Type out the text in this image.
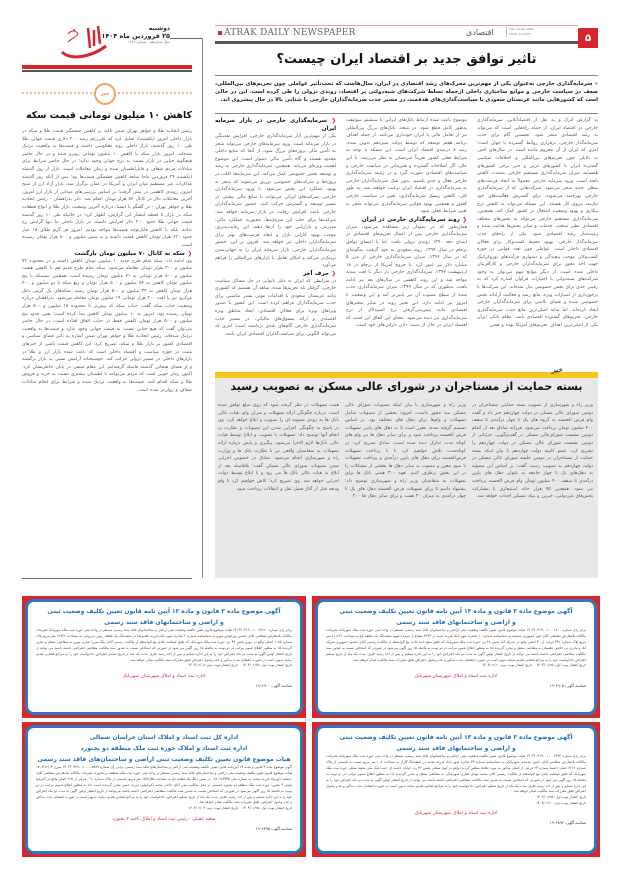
دوشنبه
۲۵ فروردین ماه ۱۴۰۴
سال شانزدهم - شماره ۱۶۸۲
ATRAK DAILY NEWSPAPER	اقتصادی	VOL.16,NO.1682
APRIL 14,2025	۵
تاثیر توافق جدید بر اقتصاد ایران چیست؟
« سرمایه‌گذاری خارجی به‌عنوان یکی از مهم‌ترین محرک‌های رشد اقتصادی در ایران، سال‌هاست که تحت‌تأثیر عواملی چون تحریم‌های بین‌المللی، ضعف در سیاست خارجی و موانع ساختاری داخلی ازجمله تسلط شرکت‌های شبه‌دولتی بر اقتصاد، روندی نزولی را طی کرده است. این در حالی است که کشورهایی مانند عربستان سعودی با سیاست‌گذاری‌های هدفمند، در مسیر جذب سرمایه‌گذاران خارجی با شتابی بالا در حال پیشروی اند.

به گزارش اترک و به نقل از اقتصادآنلاین، سرمایه‌گذاری خارجی در اقتصاد ایران، از جمله راه‌هایی است که می‌تواند به رشد اقتصادی منجر شود. نخستین گام برای جذب سرمایه‌گذار خارجی، برقراری روابط گسترده با جهان است؛ امری که ایران از آن محروم مانده است. در سال‌های اخیر، به دلایلی چون تحریم‌های بین‌المللی و اختلافات سیاسی گسترده ایران با کشورهای غربی و حتی برخی کشورهای همسایه، میزان سرمایه‌گذاری مستقیم خارجی به‌شدت کاهش یافته است. ورود سرمایه خارجی معمولاً به ایجاد فرصت‌های شغلی جدید منجر می‌شود. شرکت‌هایی که از سرمایه‌گذاری خارجی بهره‌مند می‌شوند، برای گسترش فعالیت‌های خود نیازمند نیروی کار هستند. این مسئله می‌تواند به کاهش نرخ بیکاری و بهبود وضعیت اشتغال در کشور کمک کند. همچنین، سرمایه‌گذاری مستقیم خارجی می‌تواند به بخش‌های مختلف اقتصادی نظیر صنعت، خدمات و سایر بخش‌ها هدایت شده و زمینه‌ساز رشد اقتصادی شود. یکی از راه‌های جذب سرمایه‌گذار خارجی، بهبود محیط کسب‌وکار برای فعالان اقتصادی داخلی است. عواملی چون تعدد قوانین در حوزه کسب‌وکار، موجب پیچیدگی و دشواری فرآیندهای بوروکراتیک جهت اخذ مجوز برای سرمایه‌گذاران خارجی و کارآفرینان داخلی شده است. از دیگر موانع مهم می‌توان به وجود شرکت‌های شبه‌دولتی با اختیارات فراوان اشاره کرد که به رقیبی جدی برای بخش خصوصی بدل شده‌اند. این شرکت‌ها با برخورداری از امتیازات ویژه، مانع رشد و فعالیت آزادانه بخش خصوصی شده و فضای ناامنی برای سرمایه‌گذاران خارجی ایجاد کرده‌اند. اما شاید اصلی‌ترین مانع جذب سرمایه‌گذاری خارجی، تحریم‌های گسترده اقتصادی باشد. نظام بانکی ایران یکی از اصلی‌ترین اهداف تحریم‌های آمریکا بوده و همین

موضوع باعث شده ارتباط بانک‌های ایرانی با سیستم سوئیفت به‌طور کامل قطع شود. در نتیجه، بانک‌های بزرگ بین‌المللی نیز از تعامل مالی با ایران خودداری می‌کنند. از جمله اهداف برنامه هفتم توسعه که توسط دولت سیزدهم تدوین شده، رشد ۸ درصدی اقتصاد ایران است. این مسئله با توجه به شرایط فعلی کشور تقریباً غیرممکن به نظر می‌رسد. با این حال، اگر اصلاحات گسترده و هم‌زمانی در سیاست خارجی و سیاست‌های اقتصادی صورت گیرد و در زمینه سرمایه‌گذاری خارجی فعال و جدی باشیم، بدون شک سرمایه‌گذاران خارجی به سرمایه‌گذاری در اقتصاد ایران ترغیب خواهند شد. به طور کلی، کاهش ریسک سرمایه‌گذاری، تغییر در سیاست خارجی کشور و همچنین بهبود قوانین سرمایه‌گذاری می‌تواند منجر به تغییر شرایط فعلی شود.

❮ روند سرمایه‌گذاری خارجی در ایران

همان‌طور که در نمودار زیر مشاهده می‌شود، میزان سرمایه‌گذاری خارجی پس از اعمال تحریم‌های اقتصادی در ابتدای دهه ۱۳۹۰ روندی نزولی یافت. اما با امضای توافق برجام در سال ۱۳۹۴، روند صعودی به خود گرفت، به‌گونه‌ای که در سال ۱۳۹۶، میزان سرمایه‌گذاری خارجی از مرز ۵ میلیارد دلار نیز عبور کرد. با خروج آمریکا از برجام در ۱۸ اردیبهشت ۱۳۹۷، سرمایه‌گذاری خارجی بار دیگر با افت شدید مواجه شد و این روند کاهشی در سال‌های بعد نیز ادامه یافت، به‌طوری که در سال ۱۳۹۹، میزان سرمایه‌گذاری جذب شده از سطح مصوب آن نیز پایین‌تر آمد و این وضعیت تا امروز نیز ادامه دارد. این تغییر روند در سایر متغیرهای اقتصادی مانند پیش‌بینی‌گرفتن نرخ اسپیدلاک از نرخ سرمایه‌گذاری نیز دیده می‌شود. معنای این اتفاق این است که اقتصاد ایران در حال از دست دادن دارایی‌های خود است.

❮ سرمایه‌گذاری خارجی در بازار سرمایه ایران

یکی از مهم‌ترین آثار سرمایه‌گذاری خارجی، افزایش نقدینگی در بازار سرمایه است. ورود سرمایه‌های خارجی می‌تواند منجر به تأمین مالی پروژه‌های بزرگ شود، از آنجا که منابع داخلی محدود هستند و گاه تأمین مالی دشوار است، این موضوع اهمیت ویژه‌ای می‌یابد. همچنین، سرمایه‌گذاری خارجی به رشد و توسعه بخش خصوصی کمک می‌کند. این سرمایه‌ها اغلب در پروژه‌ها و شرکت‌های خصوصی تزریق می‌شوند که منجر به بهبود عملکرد این بخش می‌شود. با ورود سرمایه‌گذاران خارجی، شرکت‌های ایرانی می‌توانند با منابع مالی بیشتر، در مسیر توسعه و گسترش حرکت کنند. حضور سرمایه‌گذاران خارجی باعث افزایش رقابت در بازار سرمایه خواهد شد. شرکت‌ها برای جلب این سرمایه‌ها، مجبورند عملکرد مالی، مدیریتی و بازاریابی خود را ارتقا دهند. این رقابت‌پذیری، موجب بهبود کارایی بازار و ایجاد فرصت‌های بهتر برای سرمایه‌گذاران داخلی نیز خواهد شد. افزون بر این، حضور سرمایه‌گذاران خارجی، بازار سرمایه ایران را به جهانی‌شدن نزدیک‌تر می‌کند و امکان تعامل با بازارهای بین‌المللی را فراهم می‌آورد.

❮ حرف آخر

در شرایطی که ایران به دلیل ناتوانی در حل مسائل سیاست خارجی، گرفتار تله تحریم‌ها شده، شاهد آن هستیم که کشوری مانند عربستان سعودی با اقدامات موثر، بستر مناسبی برای جذب سرمایه‌گذاران فراهم کرده است. این کشور با صدور ویزاهای ویژه برای فعالان اقتصادی، ایجاد مناطق ویژه اقتصادی و ارائه مشوق‌های مالیاتی، در مسیر جذب سرمایه‌گذاری خارجی گام‌های بلندی برداشته است؛ امری که می‌تواند الگویی برای سیاست‌گذاران اقتصادی ایران باشد.

خبر
کاهش ۱۰ میلیون تومانی قیمت سکه

رئیس اتحادیه طلا و جواهر تهران ضمن تاکید بر کاهش چشمگیر قیمت طلا و سکه در بازار داخلی امروز (یکشنبه)، تحلیل کرد که علی‌رغم رشد ۲۰۰ دلاری قیمت جهانی طلا طی ۱۰ روز گذشته، بازار داخلی روند معکوسی داشته و قیمت‌ها به واقعیت نزدیک شده‌اند. امروز بازار سکه با کاهش ۱۰ میلیون تومانی روبرو شده و در حال حاضر هیچگونه حبابی در بازار نسبت به نرخ جهانی وجود ندارد؛ در حال حاضر شرایط برای مبادلات مردم شفاف و قابل‌اطمینان شده و زمان معاملات است. بازار از روز گذشته (یکشنبه ۲۴ فروردین ماه) شاهد کاهش چشمگیر قیمت‌ها بود؛ پس از آنکه روز گذشته مذاکرات غیر مستقیم میان ایران و آمریکا در عمان برگزار شد، بازار آزاد ارز از صبح امروز، روندی کاهشی در پیش گرفت؛ بر اساس بررسی‌های میدانی از بازار ارز امروز، آخرین معاملات دلار در کانال ۸۴ هزار تومان انجام شد. نادر بذرافشان - رئیس اتحادیه طلا و جواهر تهران - در گفتگو با ایسنا، درباره آخرین وضعیت بازار طلا و انواع قطعات سکه در بازار تا لحظه انتشار این گزارش، اظهار کرد: در حالیکه طی ۱۰ روز گذشته قیمت جهانی طلا حدود ۲۰۰ دلار افزایش داشته، در بازار داخلی ما تنها گرایش رخ نداده، بلکه با کاهش قابل‌توجه قیمت‌ها مواجه بودیم. امروز هر گرم طلای ۱۸ عیار حدود ۶۲۰ هزار تومان کاهش قیمت داشته و به شش میلیون و ۸۰۰ هزار تومان رسیده است.

❮ سکه به کانال ۷۰ میلیون تومان بازگشت

وی ادامه داد: سکه تمام طرح جدید ۱۰ میلیون تومان کاهش داشته و در محدوده ۷۲ میلیون و ۳۰۰ هزار تومان معامله می‌شود. سکه تمام طرح قدیم هم با کاهش هشت میلیون و ۸۰۰ هزار تومانی به ۷۱ میلیون تومان رسیده است. همچنین نیم‌سکه با پنج میلیون تومان کاهش به ۵۴ میلیون و ۵۰۰ هزار تومان و ربع سکه با دو میلیون و ۴۰۰ هزار تومان کاهش به ۳۲ میلیون و ۵۰۰ هزار تومان رسید. سکه‌های یک گرمی بانک مرکزی نیز با افت ۲۰۰ هزار تومانی ۱۹ میلیون تومان معامله می‌شود. بذرافشان درباره وضعیت حباب سکه گفت: حباب سکه که پیش‌تر تا محدوده ۱۵ میلیون و ۵۰۰ هزار تومان رسیده بود، امروز به ۱۰ میلیون تومان کاهش پیدا کرده است؛ یعنی حدود پنج میلیون و ۵۰۰ هزار تومان کاهش فقط در حباب اتفاق افتاده است. در حال حاضر می‌توان گفت که هیچ حبابی نسبت به قیمت جهانی وجود ندارد و قیمت‌ها به واقعیت نزدیک شده‌اند. رئیس اتحادیه طلا و جواهر تهران ضمن اشاره به تأثیر فضای سیاسی و اقتصادی کشور بر بازار طلا و سکه، تصریح کرد: این کاهش قیمت ناشی از خبرهای مثبت در حوزه سیاست و اقتصاد داخلی است که باعث شده بازار ارز و طلا در بازارهای داخلی در مسیر نزولی حرکت کند. خوشبختانه آرامش نسبی به بازار برگشته و از فضای هیجانی گذشته فاصله گرفته‌ایم. این مقام صنفی در پایان خاطرنشان کرد: اکنون زمان خوبی است که مردم می‌توانند با اطمینان بیشتری نسبت به خرید و فروش طلا و سکه اقدام کنند. قیمت‌ها به واقعیت نزدیک شده و شرایط برای انجام مبادلات شفاف و روان‌تر شده است.

خبر
بسته حمایت از مستاجران در شورای عالی مسکن به تصویب رسید

وزیر راه و شهرسازی از تصویب بسته حمایتی مستاجران در دومین شورای عالی مسکن در دولت چهاردهم خبر داد و گفت وام قرض الحسنه به گروه های یک تا چهار درآمدی تا سقف ۴۰۰ میلیون تومان پرداخت می‌شود. فرزانه صادق بعد از اتمام دومین نشست شورای‌عالی مسکن در گفت‌وگویی، جزئیاتی از دومین نشست شورای عالی مسکن در دولت چهاردهم را تشریح کرد. عضو کابینه دولت چهاردهم با بیان اینکه بسته حمایت از مستاجران در دومین جلسه شورای عالی مسکن در دولت چهاردهم به تصویب رسید، گفت: بر اساس این مصوبه به دهک‌های یک تا چهار جامعه به عنوان دهک های پایین درآمدی تا سقف ۴۰۰ میلیون تومان وام قرض الحسنه پرداخت می شود. همچنین ۷۵ هزار خانه استیجاری با مشارکت بخش‌های غیردولتی، خیرین و بنیاد مسکن احداث خواهد شد.

وزیر راه و شهرسازی با بیان اینکه مصوبات شورای عالی مسکن سه محور داشت، افزود: بخشی از مصوبات شامل تسهیلات و وام‌ها برای دهک های مختلف بود. بر اساس تصمیم گرفته شده، مقرر است تا به دهک های پایین تسهیلات قرض الحسنه پرداخت شود و برای سایر دهک ها نیز وام های کوتاه مدت تدارک دیده شده است. صادق تصریح کرد: در کوتاه‌مدت تلاش خواهیم کرد تا با پرداخت تسهیلات قرض‌الحسنه برای دهک های پایین درآمدی و پرداخت تسهیلات با سود معین و مصوب به سایر دهک ها بخشی از مشکلات را در این بخش برطرف کنیم. تعهد ۳۰۰ همتی بانک ها برای تسهیلات به متقاضیان وزیر راه و شهرسازی توضیح داد: پیشنهاد دادیم تا برای تسهیلات قرض الحسنه دهک های یک تا چهار درآمدی به میزان ۲۰ همت و برای سایر دهک ها ۲۰۰

همت تسهیلات در نظر گرفته شود که روی مبلغ توافق شده است. درباره چگونگی ارائه تسهیلات و میزان وام، هیات عالی بانک ها به زودی مصوبه ای را تصویب و ابلاغ خواهد کرد. وی در پاسخ به چگونگی اجرایی شدن این مصوبات و نظارت بر انجام آنها توضیح داد: تسهیلات با تصویب و ابلاغ توسط هیات عالی بانک‌ها لازم الاجرا می‌شود. پیگیری و پایش درباره ارائه تسهیلات به متقاضیان واقعی نیز با نظارت بانک ها و وزارت راه و شهرسازی انجام می‌شود. صادق در خصوص اجرایی شدن مصوبات شورای عالی مسکن گفت: بلافاصله بعد از ابلاغ به هیات عالی بانک ها می رود و با ابلاغ توسط دولت اجرایی خواهد شد. وی تصریح کرد: تلاش خواهیم کرد تا وام ودیعه قبل از آغاز فصل نقل و انتقالات پرداخت شود.

آگهی موضوع ماده ۳ قانون و ماده ۱۳ آیین نامه قانون تعیین تکلیف وضعیت ثبتی
و اراضی و ساختمانهای فاقد سند رسمی
برابر رای شماره ۱۴۰۳۶۰۳۱۹۰۰۱۰۰۰۱۸۰۰ هیات موضوع قانون تعیین تکلیف وضعیت ثبتی اراضی و ساختمانهای فاقد سند رسمی مستقر در واحد ثبتی حوزه ثبت ملک شهربابک تصرفات مالکانه بلامعارض متقاضی آقای انور جمهوری سیستد به شناسنامه شماره ۱۰ صادره شهر بابک فرزند حمید در ۳۶۴۴ مشاع از سیزده سهم ششدانگ یک قطعه باغ به مساحت ۱۱۱/۲۶ متر مربع پلاک شماره ۴۳۱ فرعی از ۴۰ اصلی واقع در شریک آباد بخش ۴۸ یزد حوزه ثبت ملک شهربابک که طبق منتج نامه عادی مع الواسطه از مالکیت رسمی آقای محمود جمهوری شریک آباد و مادری بی خاضی دهستان به متقاضی منتقل و محرز گردیده لذا به منظور اطلاع عموم مراتب در دو نوبت به فاصله ۱۵ روز آگهی می‌شود در صورتی که اشخاص نسبت به صدور سند مالکیت متقاضی اعتراضی داشته باشند می توانند از تاریخ انتشار اولین آگهی به مدت دو ماه اعتراض خود را به این اداره تسلیم و پس از اخذ رسید ظرف مدت یک ماه از تاریخ تسلیم اعتراض دادخواست خود را به مراجع قضایی تقدیم نمایند بدیهی است در صورت انقضای مدت مذکور و عدم وصول اعتراض طبق مقررات سند مالکیت صادر خواهد شد.
تاریخ انتشار نوبت اول: ۱۴۰۴/۰۱/۲۵    تاریخ انتشار نوبت دوم: ۱۴۰۴/۰۲/۱۰
اداره ثبت اسناد و املاک شهرستان شهربابک
شناسه آگهی: ۱۹۰۴۹۰۵
آگهی موضوع ماده ۳ قانون و ماده ۱۳ آیین نامه قانون تعیین تکلیف وضعیت ثبتی
و اراضی و ساختمانهای فاقد سند رسمی
برابر رای شماره ۱۴۰۳۶۰۳۱۹۰۰۱۰۰۹۶۲۲۰ هیات موضوع قانون تعیین تکلیف وضعیت ثبتی اراضی و ساختمانهای فاقد سند رسمی مستقر در واحد ثبتی حوزه ثبت ملک شهربابک تصرفات مالکانه بلامعارض متقاضی آقای حسین پورعوض مورو به شناسنامه شماره ۲ صادره شهر بابک فرزند غلامرضا در ششدانگ یک قطعه زمین مزروعی به مساحت ۶۲۳/۲ متر مربع پلاک شماره ۱۰۸۵ اصلی واقع در مورو بخش ۴۷ یزد حوزه ثبت ملک شهربابک که طبق قولنامه عادی مع الواسطه از مالکیت رسمی آقای بیگ میرزا عباری مورو به متقاضی منتقل و محرز گردیده لذا به منظور اطلاع عموم مراتب در دو نوبت به فاصله ۱۵ روز آگهی می شود در صورتی که اشخاص نسبت به صدور سند مالکیت متقاضی اعتراضی داشته باشند می توانند از تاریخ انتشار اولین آگهی به مدت دو ماه اعتراض خود را به این اداره تسلیم و پس از اخذ رسید ظرف مدت یک ماه از تاریخ تسلیم اعتراض دادخواست خود را به مراجع قضایی تقدیم نمایند بدیهی است در صورت انقضای مدت مذکور و عدم وصول اعتراض طبق مقررات سند مالکیت صادر خواهد شد.
تاریخ انتشار نوبت اول: ۱۴۰۴/۰۱/۲۵    تاریخ انتشار نوبت دوم: ۱۴۰۴/۰۲/۰۸
اداره ثبت اسناد و املاک شهرستان شهربابک
شناسه آگهی: ۱۹۰۴۹۰۰
آگهی موضوع ماده ۳ قانون و ماده ۱۳ آیین نامه قانون تعیین تکلیف وضعیت ثبتی
و اراضی و ساختمانهای فاقد سند رسمی
برابر رای شماره ۱۴۰۳۶۰۳۱۹۰۰۱۰۰۰۳۶۳۳ هیات موضوع قانون تعیین تکلیف وضعیت ثبتی اراضی و ساختمانهای فاقد سند رسمی مستقر در واحد ثبتی حوزه ثبت ملک شهربابک تصرفات مالکانه بلامعارض متقاضی آقای حسن محمدی شهربابکی به شناسنامه شماره ۳۹ صادره شهر بابک فرزند محمد در ششدانگ گاراژ به مساحت ۱۰۸ متر مربع نسبت به قسمتی از پلاک شماره ۶۶۱۶ اصلی (ضمنا شماره ۲۳ فرعی از اصلی مذکور به مورد تقاضا منظور گردید) واقع در کوی سفلی بخش ۳۶ یزد خیابان خامنه ای جنب بانک ملی شعبه سفلی حوزه ثبت ملک شهربابک که طبق قولنامه عادی مع الواسطه از مالکیت رسمی آقای محمد مهدی غفاری شهربابکی به متقاضی منتقل و محرز گردیده. لذا به منظور اطلاع عموم مراتب در دو نوبت به فاصله ۱۵ روز آگهی می شود در صورتی که اشخاص نسبت به صدور سند مالکیت متقاضی اعتراضی داشته باشند می توانند از تاریخ انتشار اولین آگهی به مدت دو ماه اعتراض خود را به این اداره تسلیم و پس از اخذ رسید ظرف مدت یک ماه از تاریخ تسلیم اعتراض، دادخواست خود را به مراجع قضایی تقدیم نمایند بدیهی است در صورت انقضای مدت مذکور و عدم وصول اعتراض طبق مقررات سند مالکیت صادر خواهد شد.
تاریخ انتشار نوبت اول: ۱۴۰۴/۰۱/۲۵
تاریخ انتشار نوبت دوم: ۱۴۰۴/۰۲/۱۰
اداره ثبت اسناد و املاک شهرستان شهربابک
شناسه آگهی: ۱۹۰۴۸۹۴
اداره کل ثبت اسناد و املاک استان خراسان شمالی
اداره ثبت اسناد و املاک حوزه ثبت ملک منطقه دو بجنورد
هیات موضوع قانون تعیین تکلیف وضعیت ثبتی اراضی و ساختمان‌های فاقد سند رسمی
آگهی موضوع ماده ۳ قانون و ماده ۱۳ آیین‌نامه قانون تعیین تکلیف وضعیت ثبتی اراضی و ساختمان‌های فاقد سند رسمی. برابر رأی شماره ۱۴۰۳۶۰۳۲۷۰۰۲۰۰۰۰۵۹۸۹ مورخ ۱۴۰۳/۱۲/۰۴ هیأت موضوع قانون تعیین تکلیف وضعیت ثبتی اراضی و ساختمان‌های فاقد سند رسمی مستقر در واحد ثبتی حوزه ثبت ملک منطقه دو بجنورد، تصرفات مالکانه بلامعارض متقاضی آقای جمشید داورپناه فرزند محمد به شماره ملی ۰۶۸۰۱۸۳۴۴۵ در شش دانگ یک قطعه باغ به مساحت ۱۵۹۱/۵۸ متر مربع، قسمتی از پلاک شماره ۹۰ - فرعی از ۲۱۵ اصلی واقع در اکبرقوا بخش ۳ بجنورد حوزه ثبت ملک منطقه دو بجنورد قسمتی از محل مالکیت ثبتی آقای حاجی محمد اکبرقوایی فرزند حسن محرز گردیده است. لذا به منظور اطلاع عموم مراتب در دو نوبت به فاصله ۱۵ روز آگهی می‌شود در صورتی که اشخاص نسبت به صدور سند مالکیت متقاضی اعتراضی داشته باشند می‌توانند از تاریخ انتشار اولین آگهی به مدت دو ماه اعتراض خود را به این اداره تسلیم و پس از اخذ رسید، ظرف مدت یک ماه از تاریخ تسلیم اعتراض، دادخواست خود را به مراجع قضایی تقدیم نمایند. بدیهی است در صورت انقضای مدت مذکور و عدم وصول اعتراض، طبق مقررات سند مالکیت صادر خواهد شد.
تاریخ انتشار نوبت اول: ۱۴۰۴/۰۱/۲۵    تاریخ انتشار نوبت دوم: ۱۴۰۴/۰۲/۰۹
سعید عقیلی - رئیس ثبت اسناد و املاک ناحیه ۲ بجنورد
شناسه آگهی: ۱۹۰۴۳۹۵
